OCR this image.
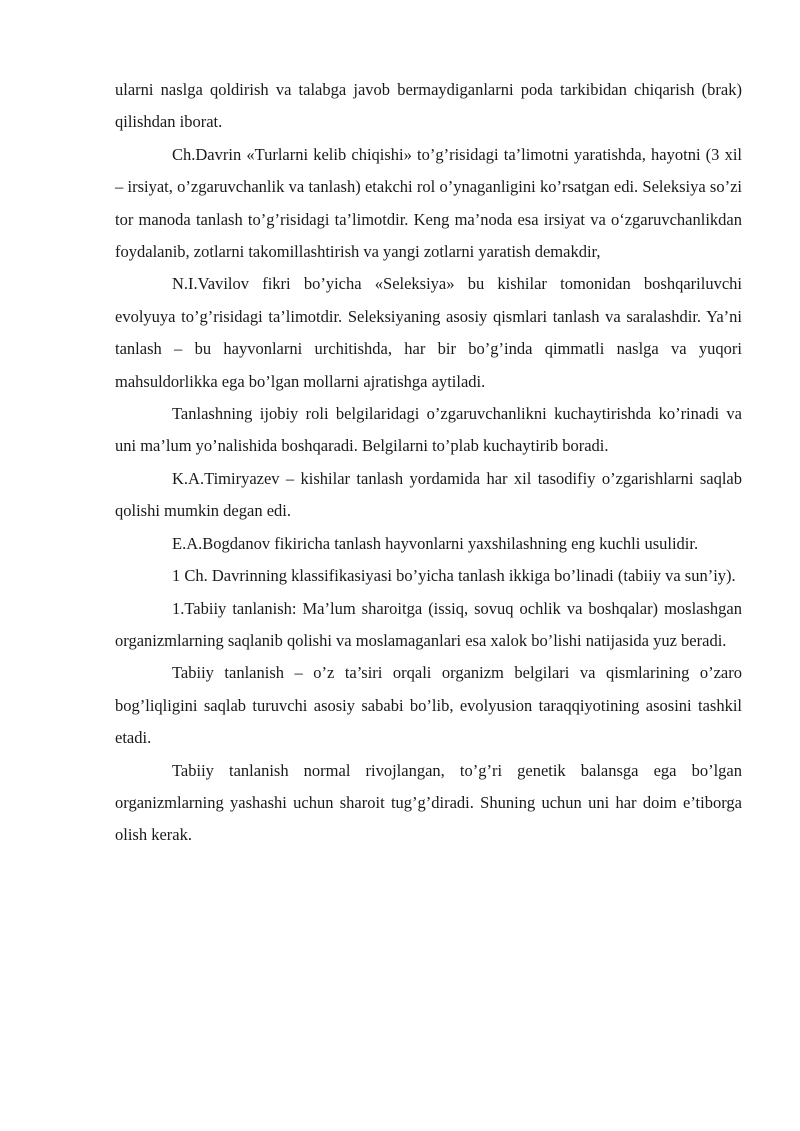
ularni naslga qoldirish va talabga javob bermaydiganlarni poda tarkibidan chiqarish (brak) qilishdan iborat.

Ch.Davrin «Turlarni kelib chiqishi» to’g’risidagi ta’limotni yaratishda, hayotni (3 xil – irsiyat, o’zgaruvchanlik va tanlash) etakchi rol o’ynaganligini ko’rsatgan edi. Seleksiya so’zi tor manoda tanlash to’g’risidagi ta’limotdir. Keng ma’noda esa irsiyat va o‘zgaruvchanlikdan foydalanib, zotlarni takomillashtirish va yangi zotlarni yaratish demakdir,

N.I.Vavilov fikri bo’yicha «Seleksiya» bu kishilar tomonidan boshqariluvchi evolyuya to’g’risidagi ta’limotdir. Seleksiyaning asosiy qismlari tanlash va saralashdir. Ya’ni tanlash – bu hayvonlarni urchitishda, har bir bo’g’inda qimmatli naslga va yuqori mahsuldorlikka ega bo’lgan mollarni ajratishga aytiladi.

Tanlashning ijobiy roli belgilaridagi o’zgaruvchanlikni kuchaytirishda ko’rinadi va uni ma’lum yo’nalishida boshqaradi. Belgilarni to’plab kuchaytirib boradi.

K.A.Timiryazev – kishilar tanlash yordamida har xil tasodifiy o’zgarishlarni saqlab qolishi mumkin degan edi.

E.A.Bogdanov fikiricha tanlash hayvonlarni yaxshilashning eng kuchli usulidir.

1 Ch. Davrinning klassifikasiyasi bo’yicha tanlash ikkiga bo’linadi (tabiiy va sun’iy).

1.Tabiiy tanlanish: Ma’lum sharoitga (issiq, sovuq ochlik va boshqalar) moslashgan organizmlarning saqlanib qolishi va moslamaganlari esa xalok bo’lishi natijasida yuz beradi.

Tabiiy tanlanish – o’z ta’siri orqali organizm belgilari va qismlarining o’zaro bog’liqligini saqlab turuvchi asosiy sababi bo’lib, evolyusion taraqqiyotining asosini tashkil etadi.

Tabiiy tanlanish normal rivojlangan, to’g’ri genetik balansga ega bo’lgan organizmlarning yashashi uchun sharoit tug’g’diradi. Shuning uchun uni har doim e’tiborga olish kerak.
